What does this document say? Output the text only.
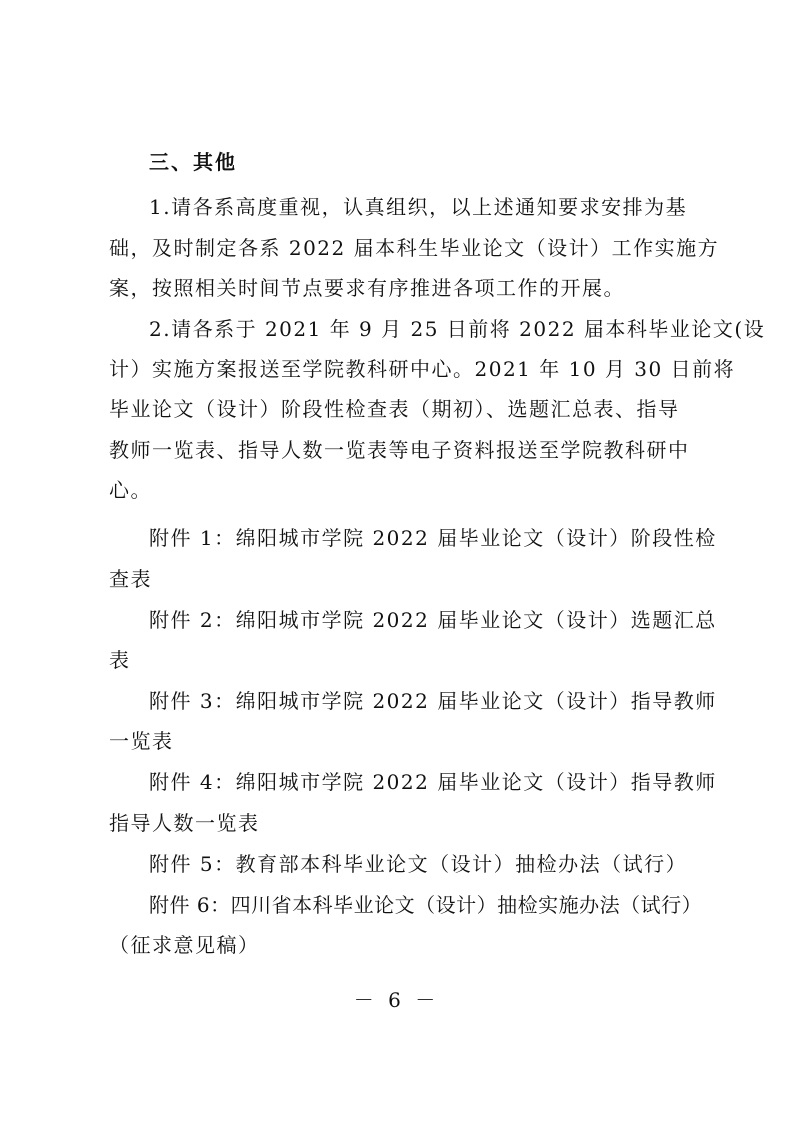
三、其他
1.请各系高度重视，认真组织，以上述通知要求安排为基
础，及时制定各系 2022 届本科生毕业论文（设计）工作实施方
案，按照相关时间节点要求有序推进各项工作的开展。
2.请各系于 2021 年 9 月 25 日前将 2022 届本科毕业论文(设
计）实施方案报送至学院教科研中心。2021 年 10 月 30 日前将
毕业论文（设计）阶段性检查表（期初）、选题汇总表、指导
教师一览表、指导人数一览表等电子资料报送至学院教科研中
心。
附件 1：绵阳城市学院 2022 届毕业论文（设计）阶段性检
查表
附件 2：绵阳城市学院 2022 届毕业论文（设计）选题汇总
表
附件 3：绵阳城市学院 2022 届毕业论文（设计）指导教师
一览表
附件 4：绵阳城市学院 2022 届毕业论文（设计）指导教师
指导人数一览表
附件 5：教育部本科毕业论文（设计）抽检办法（试行）
附件 6：四川省本科毕业论文（设计）抽检实施办法（试行）
（征求意见稿）
－ 6 －
